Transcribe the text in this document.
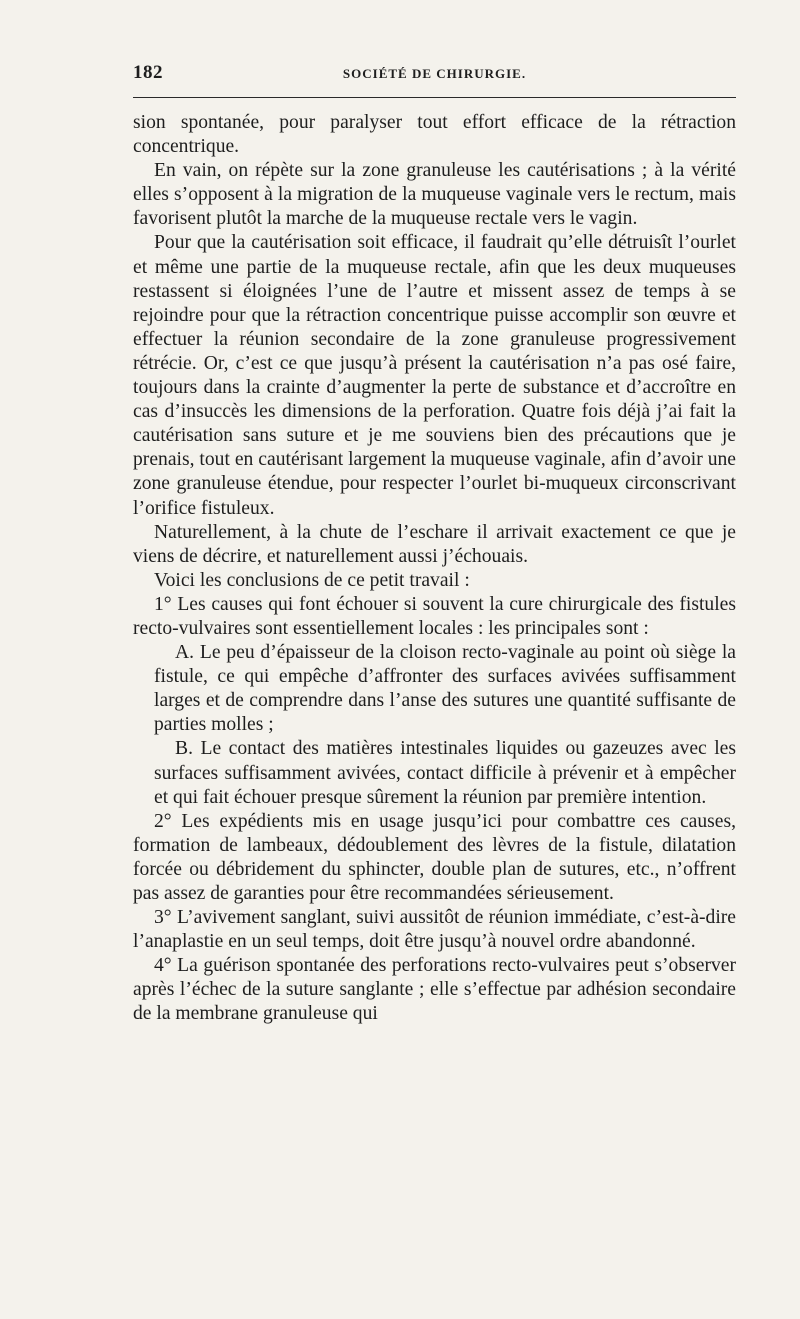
182	SOCIÉTÉ DE CHIRURGIE.

sion spontanée, pour paralyser tout effort efficace de la rétraction concentrique.

En vain, on répète sur la zone granuleuse les cautérisations ; à la vérité elles s’opposent à la migration de la muqueuse vaginale vers le rectum, mais favorisent plutôt la marche de la muqueuse rectale vers le vagin.

Pour que la cautérisation soit efficace, il faudrait qu’elle détruisît l’ourlet et même une partie de la muqueuse rectale, afin que les deux muqueuses restassent si éloignées l’une de l’autre et missent assez de temps à se rejoindre pour que la rétraction concentrique puisse accomplir son œuvre et effectuer la réunion secondaire de la zone granuleuse progressivement rétrécie. Or, c’est ce que jusqu’à présent la cautérisation n’a pas osé faire, toujours dans la crainte d’augmenter la perte de substance et d’accroître en cas d’insuccès les dimensions de la perforation. Quatre fois déjà j’ai fait la cautérisation sans suture et je me souviens bien des précautions que je prenais, tout en cautérisant largement la muqueuse vaginale, afin d’avoir une zone granuleuse étendue, pour respecter l’ourlet bi-muqueux circonscrivant l’orifice fistuleux.

Naturellement, à la chute de l’eschare il arrivait exactement ce que je viens de décrire, et naturellement aussi j’échouais.

Voici les conclusions de ce petit travail :

1° Les causes qui font échouer si souvent la cure chirurgicale des fistules recto-vulvaires sont essentiellement locales : les principales sont :

A. Le peu d’épaisseur de la cloison recto-vaginale au point où siège la fistule, ce qui empêche d’affronter des surfaces avivées suffisamment larges et de comprendre dans l’anse des sutures une quantité suffisante de parties molles ;

B. Le contact des matières intestinales liquides ou gazeuzes avec les surfaces suffisamment avivées, contact difficile à prévenir et à empêcher et qui fait échouer presque sûrement la réunion par première intention.

2° Les expédients mis en usage jusqu’ici pour combattre ces causes, formation de lambeaux, dédoublement des lèvres de la fistule, dilatation forcée ou débridement du sphincter, double plan de sutures, etc., n’offrent pas assez de garanties pour être recommandées sérieusement.

3° L’avivement sanglant, suivi aussitôt de réunion immédiate, c’est-à-dire l’anaplastie en un seul temps, doit être jusqu’à nouvel ordre abandonné.

4° La guérison spontanée des perforations recto-vulvaires peut s’observer après l’échec de la suture sanglante ; elle s’effectue par adhésion secondaire de la membrane granuleuse qui
